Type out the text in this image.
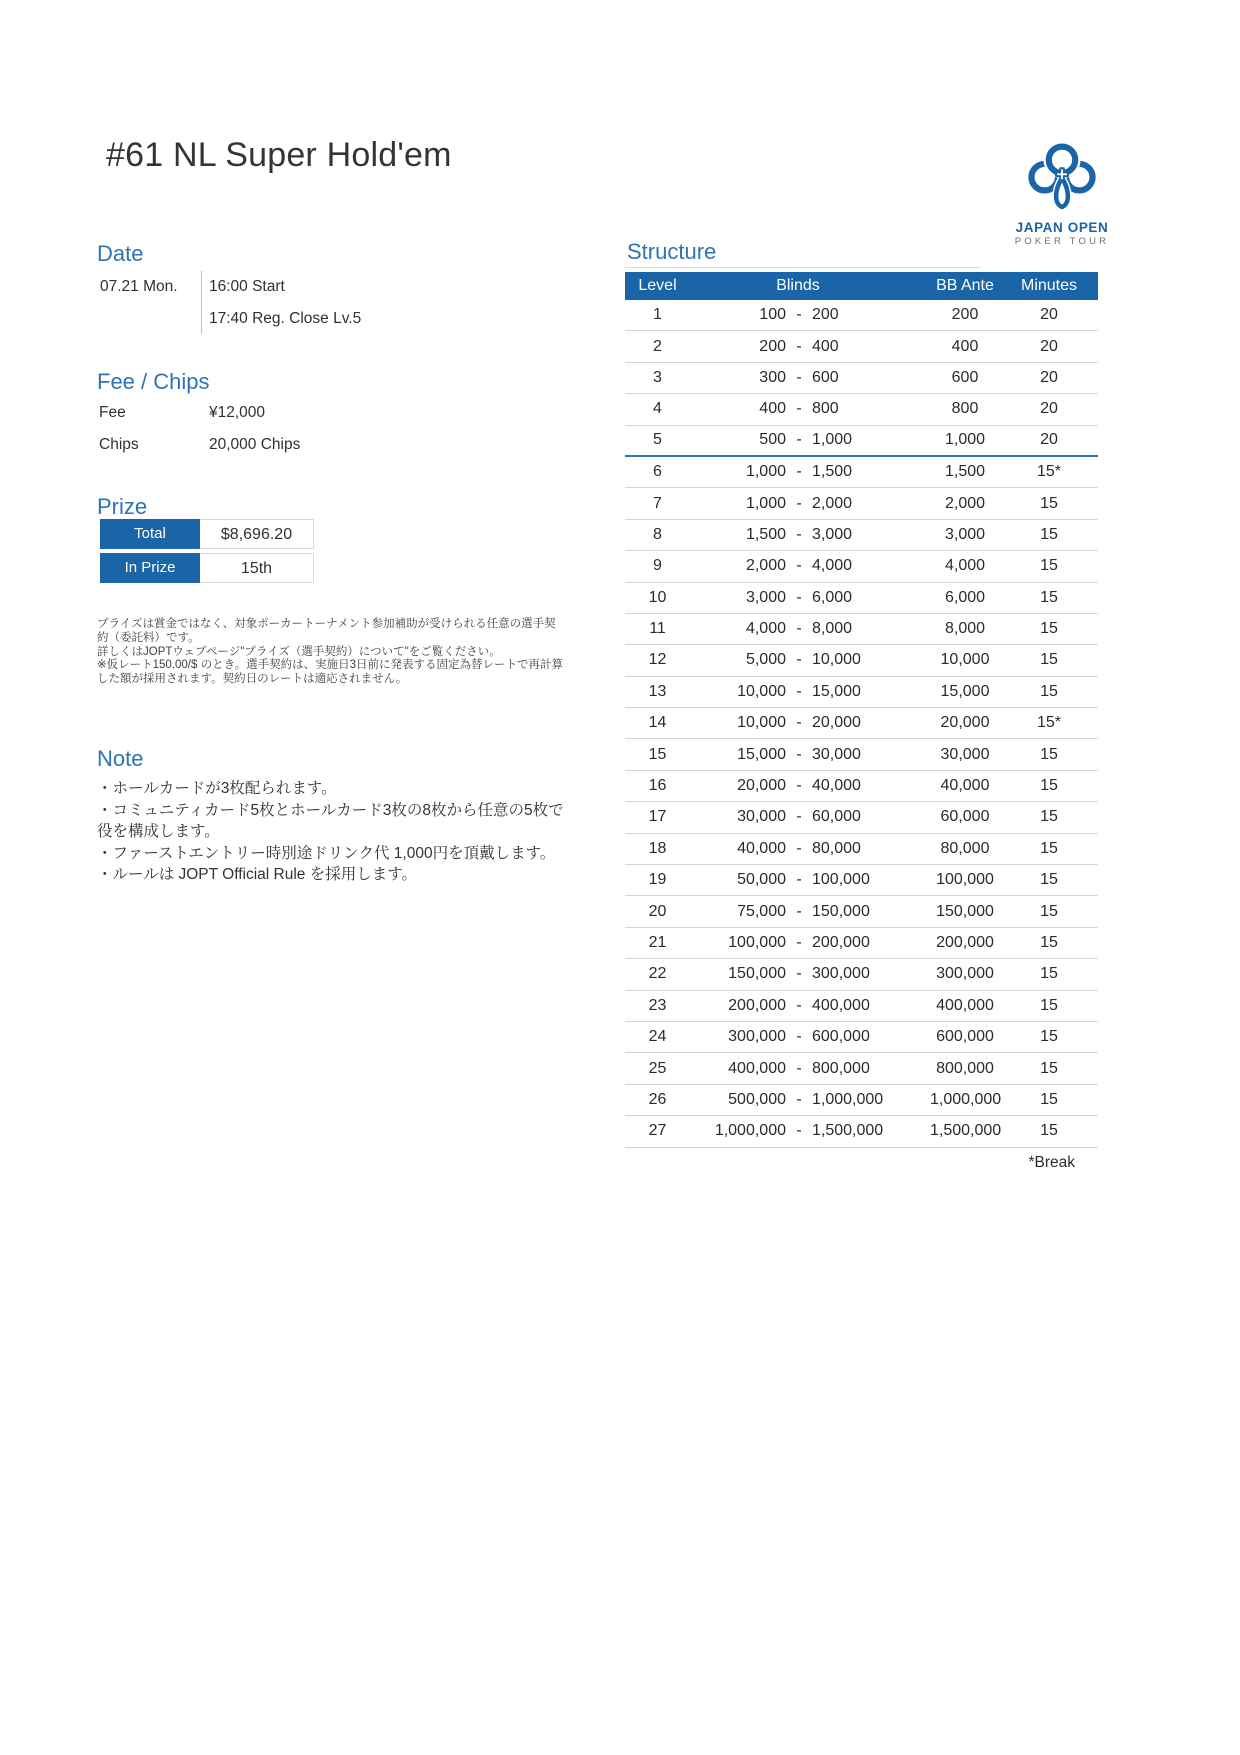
#61 NL Super Hold'em
JAPAN OPEN
POKER TOUR
Date
07.21 Mon. 16:00 Start
17:40 Reg. Close Lv.5
Fee / Chips
Fee	¥12,000
Chips	20,000 Chips
Prize
Total	$8,696.20
In Prize	15th
プライズは賞金ではなく、対象ポーカートーナメント参加補助が受けられる任意の選手契約（委託料）です。
詳しくはJOPTウェブページ"プライズ（選手契約）について"をご覧ください。
※仮レート150.00/$ のとき。選手契約は、実施日3日前に発表する固定為替レートで再計算した額が採用されます。契約日のレートは適応されません。
Note
・ホールカードが3枚配られます。
・コミュニティカード5枚とホールカード3枚の8枚から任意の5枚で役を構成します。
・ファーストエントリー時別途ドリンク代 1,000円を頂戴します。
・ルールは JOPT Official Rule を採用します。
Structure
Level	Blinds	BB Ante	Minutes
1	100 - 200	200	20
2	200 - 400	400	20
3	300 - 600	600	20
4	400 - 800	800	20
5	500 - 1,000	1,000	20
6	1,000 - 1,500	1,500	15*
7	1,000 - 2,000	2,000	15
8	1,500 - 3,000	3,000	15
9	2,000 - 4,000	4,000	15
10	3,000 - 6,000	6,000	15
11	4,000 - 8,000	8,000	15
12	5,000 - 10,000	10,000	15
13	10,000 - 15,000	15,000	15
14	10,000 - 20,000	20,000	15*
15	15,000 - 30,000	30,000	15
16	20,000 - 40,000	40,000	15
17	30,000 - 60,000	60,000	15
18	40,000 - 80,000	80,000	15
19	50,000 - 100,000	100,000	15
20	75,000 - 150,000	150,000	15
21	100,000 - 200,000	200,000	15
22	150,000 - 300,000	300,000	15
23	200,000 - 400,000	400,000	15
24	300,000 - 600,000	600,000	15
25	400,000 - 800,000	800,000	15
26	500,000 - 1,000,000	1,000,000	15
27	1,000,000 - 1,500,000	1,500,000	15
*Break
